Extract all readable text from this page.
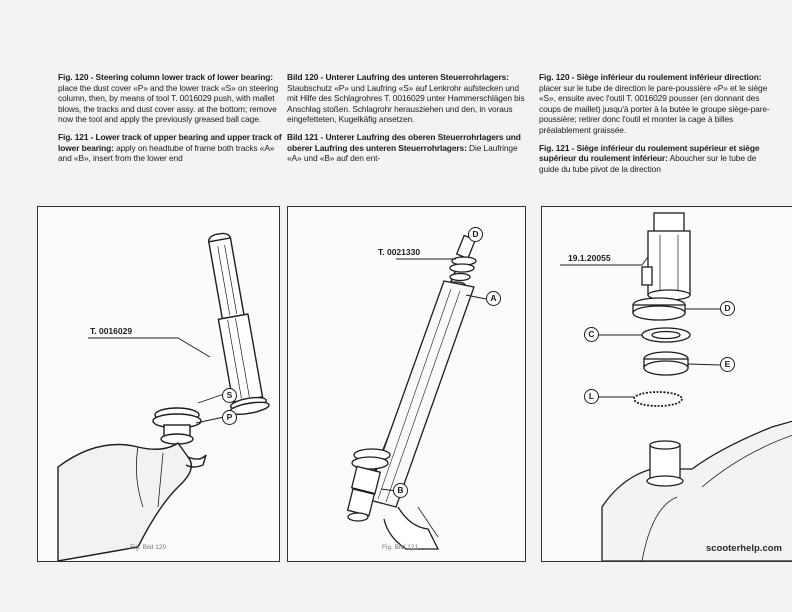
Fig. 120 - Steering column lower track of lower bearing: place the dust cover «P» and the lower track «S» on steering column, then, by means of tool T. 0016029 push, with mallet blows, the tracks and dust cover assy. at the bottom; remove now the tool and apply the previously greased ball cage.

Fig. 121 - Lower track of upper bearing and upper track of lower bearing: apply on headtube of frame both tracks «A» and «B», insert from the lower end

Bild 120 - Unterer Laufring des unteren Steuerrohrlagers: Staubschutz «P» und Laufring «S» auf Lenkrohr aufstecken und mit Hilfe des Schlagrohres T. 0016029 unter Hammerschlägen bis Anschlag stoßen. Schlagrohr herausziehen und den, in voraus eingefetteten, Kugelkäfig ansetzen.

Bild 121 - Unterer Laufring des oberen Steuerrohrlagers und oberer Laufring des unteren Steuerrohrlagers: Die Laufringe «A» und «B» auf den ent-

Fig. 120 - Siège inférieur du roulement inférieur direction: placer sur le tube de direction le pare-poussière «P» et le siège «S», ensuite avec l'outil T. 0016029 pousser (en donnant des coups de maillet) jusqu'à porter à la butée le groupe siège-pare-poussière; retirer donc l'outil et monter la cage à billes préalablement graissée.

Fig. 121 - Siège inférieur du roulement supérieur et siège supérieur du roulement inférieur: Aboucher sur le tube de guide du tube pivot de la direction

T. 0016029
S
P
Fig. Bild 120
D
T. 0021330
A
B
Fig. Bild 121
19.1.20055
D
C
E
L
scooterhelp.com
